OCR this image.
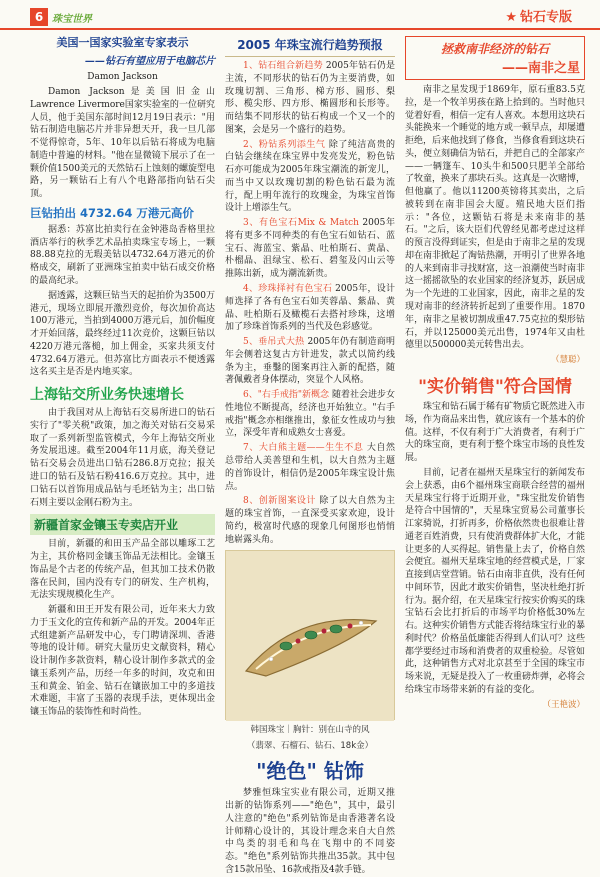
6 珠宝世界	★ 钻石专版
美国一国家实验室专家表示
——钻石有望应用于电脑芯片
Damon Jackson

Damon Jackson是美国旧金山Lawrence Livermore国家实验室的一位研究人员，他于美国东部时间12月19日表示："用钻石制造电脑芯片并非异想天开，我一旦几部不觉得惊奇，5年、10年以后钻石将成为电脑制造中普遍的材料。"他在显微镜下展示了在一颗价值1500美元的天然钻石上蚀刻的螺旋型电路，另一颗钻石上有八个电路部指向钻石尖顶。

巨钻拍出 4732.64 万港元高价

据悉：苏富比拍卖行在金钟港岛香格里拉酒店举行的秋季艺术品拍卖珠宝专场上，一颗88.88克拉的无瑕美钻以4732.64万港元的价格成交，刷新了亚洲珠宝拍卖中钻石成交价格的最高纪录。

据透露，这颗巨钻当天的起拍价为3500万港元，现场立即展开激烈竞价，每次加价高达100万港元，当拍到4000万港元后，加价幅度才开始回落，最终经过11次竞价，这颗巨钻以4220万港元落槌，加上佣金，买家共须支付4732.64万港元。但苏富比方面表示不便透露这名买主是否是内地买家。

上海钻交所业务快速增长

由于我国对从上海钻石交易所进口的钻石实行了"零关税"政策，加之海关对钻石交易采取了一系列新型监管模式，今年上海钻交所业务发展迅速。截至2004年11月底，海关登记钻石交易会员进出口钻石286.8万克拉；报关进口的钻石及钻石粉416.6万克拉。其中，进口钻石以首饰用成品钻与毛坯钻为主；出口钻石则主要以金刚石粉为主。

新疆首家金镶玉专卖店开业

目前，新疆的和田玉产品全部以雕琢工艺为主，其价格同金镶玉饰品无法相比。金镶玉饰品是个古老的传统产品，但其加工技术仍散落在民间，国内没有专门的研发、生产机构，无法实现规模化生产。

新疆和田王开发有限公司，近年来大力致力于玉文化的宣传和新产品的开发。2004年正式组建新产品研发中心，专门聘请深圳、香港等地的设计师。研究大量历史文献资料，精心设计制作多款资料，精心设计制作多款式的金镶玉系列产品，历经一年多的时间，攻克和田玉和黄金、铂金、钻石在镶嵌加工中的多道技术难题，丰富了玉器的表现手法，更体现出金镶玉饰品的装饰性和时尚性。

2005 年珠宝流行趋势预报

1、钻石组合新趋势 2005年钻石仍是主流，不同形状的钻石仍为主要消费，如玫瑰切割、三角形、梯方形、圆形、梨形、榄尖形、四方形、椭圆形和长形等。而结集不同形状的钻石构成一个又一个的图案，会是另一个盛行的趋势。

2、粉钻系列添生气 除了纯洁高贵的白钻会继续在珠宝界中发亮发光，粉色钻石亦可能成为2005年珠宝潮流的新宠儿，而当中又以玫瑰切割的粉色钻石最为流行，配上明年流行的玫瑰金，为珠宝首饰设计上增添生气。

3、有色宝石Mix & Match 2005年将有更多不同种类的有色宝石如钻石、蓝宝石、海蓝宝、紫晶、吐柏斯石、黄晶、朴榴晶、沮绿宝、松石、碧玺及闪山云等推陈出新，成为潮流新贵。

4、珍珠择衬有色宝石 2005年，设计师选择了各有色宝石如芙蓉晶、紫晶、黄晶、吐柏斯石及橄榄石去搭衬珍珠，这增加了珍珠首饰系列的当代及色彩感觉。

5、垂吊式大热 2005年仍有制造商明年会侧着这复古方针进发，款式以简约线条为主，垂鑿的图案再注入新的配搭，随著佩戴者身体摆动，突显个人风格。

6、"右手戒指"新概念 随着社会进步女性地位不断提高，经济也开始独立。"右手戒指"概念亦相继推出，象征女性成功与独立，深受年青和成熟女士喜爱。

7、大白熊主题——生生不息 大自然总带给人美善望和生机，以大自然为主题的首饰设计，相信仍是2005年珠宝设计焦点。

8、创新图案设计 除了以大自然为主题的珠宝首饰，一直深受买家欢迎，设计简约，极富时代感的现象几何图形也悄悄地崭露头角。

韩国珠宝｜胸针：别在山寺的风
（翡翠、石榴石、钻石、18k金）
"绝色" 钻饰

梦雅恒珠宝实业有限公司，近期又推出新的钻饰系列——"绝色"，其中，最引人注意的"绝色"系列钻饰是由香港著名设计师精心设计的，其设计理念来自大自然中鸟类的羽毛和鸟在飞翔中的不同姿态。"绝色"系列钻饰共推出35款。其中包含15款吊坠、16款戒指及4款手链。

拯救南非经济的钻石
——南非之星

南非之星发现于1869年，原石重83.5克拉，是一个牧羊男孩在路上拾到的。当时他只觉着好看，相信一定有人喜欢。本想用这块石头能换来一个睡觉的地方或一顿早点，却屡遭拒绝，后来他找到了修食，当修食看到这块石头，便立刻确信为钻石，并把自己的全部家产——一辆篷车、10头牛和500只肥羊全部给了牧童，换来了那块石头。这真是一次赌博，但他赢了。他以11200英镑将其卖出，之后被转到在南非国会大厦。殖民地大臣们指示："各位，这颗钻石将是未来南非的基石。"之后，该大臣们代曾经见都考虑过这样的预言没得到证实，但是由于南非之星的发现却在南非掀起了淘钻热潮，开明引了世界各地的人来到南非寻找财富，这一浪潮使当时南非这一摇摇欲坠的农业国家的经济复苏，跃居成为一个先进的工业国家，因此，南非之星的发现对南非的经济转折起到了重要作用。1870年，南非之星被切割成重47.75克拉的梨形钻石，并以125000美元出售，1974年又由杜德里以500000美元转售出去。

（慧聪）
"实价销售"符合国情

珠宝和钻石属于稀有矿物质它既然进入市场，作为商品来出售，就应该有一个基本的价值。这样，不仅有利于广大消费者，有利于广大的珠宝商，更有利于整个珠宝市场的良性发展。

目前，记者在福州天星珠宝行的新闻发布会上获悉，由6个福州珠宝商联合经营的福州天星珠宝行将于近期开业，"珠宝批发价销售是符合中国情的"，天星珠宝贸易公司董事长江家骑说，打折再多，价格依然贵也很难让普通老百姓消费，只有使消费群体扩大化，才能让更多的人买得起。销售量上去了，价格自然会便宜。福州天星珠宝地的经营模式是，厂家直接到店堂营销。钻石由南非直供，没有任何中间环节，因此才敢实价销售，坚决杜绝打折行为。据介绍，在天星珠宝行按实价购买的珠宝钻石会比打折后的市场平均价格低30%左右。这种实价销售方式能否将结珠宝行业的暴利时代？价格虽低廉能否得到人们认可？这些都学要经过市场和消费者的双重检验。尽管如此，这种销售方式对北京甚至于全国的珠宝市场来说，无疑是投入了一枚重磅炸弹，必将会给珠宝市场带来新的有益的变化。

（王艳波）
